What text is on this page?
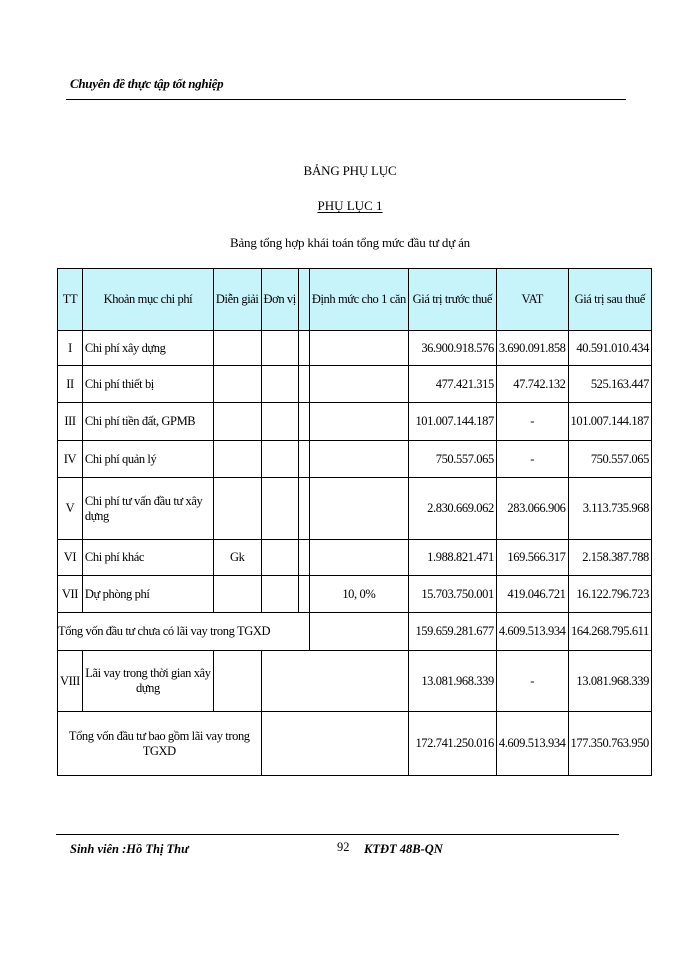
Chuyên đề thực tập tốt nghiệp
BẢNG PHỤ LỤC
PHỤ LỤC 1
Bảng tổng hợp khái toán tổng mức đầu tư dự án
TT	Khoản mục chi phí	Diễn giải	Đơn vị		Định mức cho 1 căn	Giá trị trước thuế	VAT	Giá trị sau thuế
I	Chi phí xây dựng					36.900.918.576	3.690.091.858	40.591.010.434
II	Chi phí thiết bị					477.421.315	47.742.132	525.163.447
III	Chi phí tiền đất, GPMB					101.007.144.187	-	101.007.144.187
IV	Chi phí quản lý					750.557.065	-	750.557.065
V	Chi phí tư vấn đầu tư xây dựng					2.830.669.062	283.066.906	3.113.735.968
VI	Chi phí khác	Gk				1.988.821.471	169.566.317	2.158.387.788
VII	Dự phòng phí				10, 0%	15.703.750.001	419.046.721	16.122.796.723
Tổng vốn đầu tư chưa có lãi vay trong TGXD						159.659.281.677	4.609.513.934	164.268.795.611
VIII	Lãi vay trong thời gian xây dựng					13.081.968.339	-	13.081.968.339
Tổng vốn đầu tư bao gồm lãi vay trong TGXD						172.741.250.016	4.609.513.934	177.350.763.950
Sinh viên :Hồ Thị Thư	92 KTĐT 48B-QN
